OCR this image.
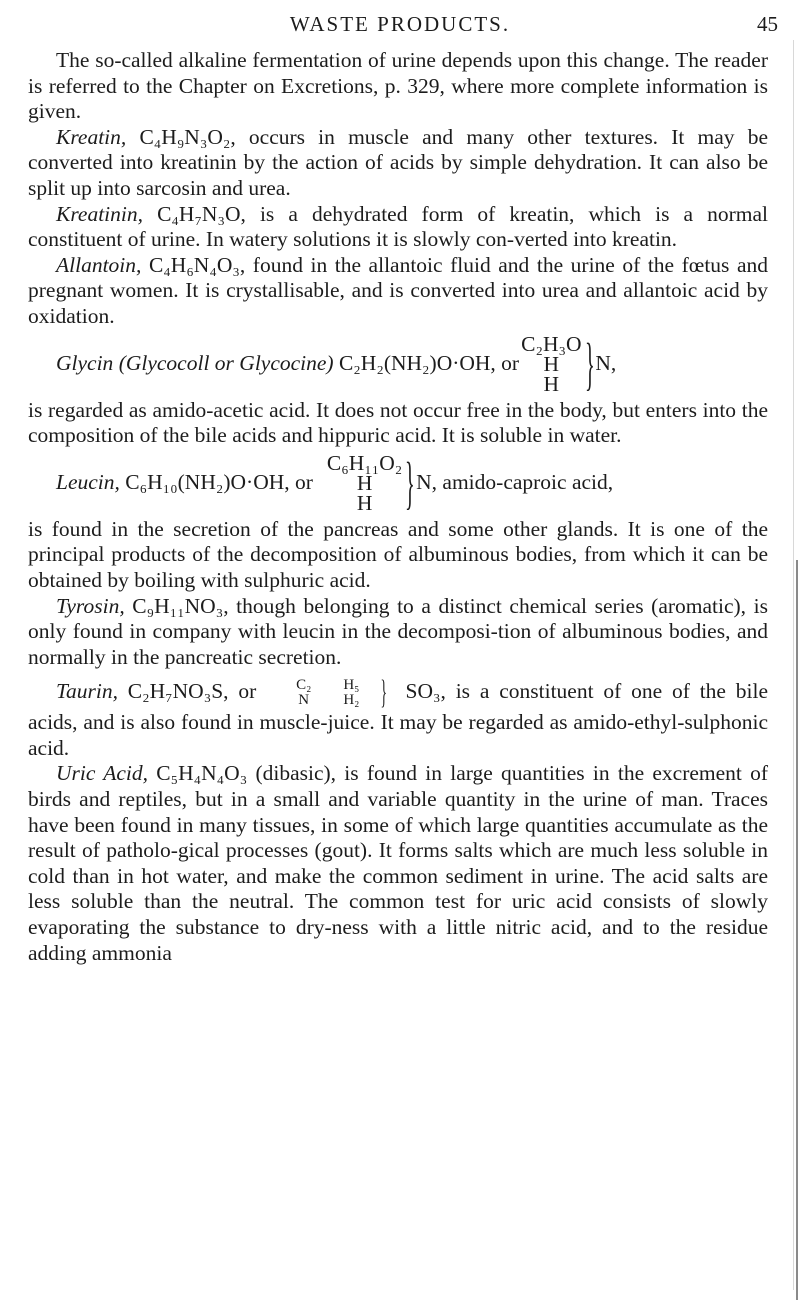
WASTE PRODUCTS.	45

The so-called alkaline fermentation of urine depends upon this change. The reader is referred to the Chapter on Excretions, p. 329, where more complete information is given.

Kreatin, C₄H₉N₃O₂, occurs in muscle and many other textures. It may be converted into kreatinin by the action of acids by simple dehydration. It can also be split up into sarcosin and urea.

Kreatinin, C₄H₇N₃O, is a dehydrated form of kreatin, which is a normal constituent of urine. In watery solutions it is slowly con-verted into kreatin.

Allantoin, C₄H₆N₄O₃, found in the allantoic fluid and the urine of the fœtus and pregnant women. It is crystallisable, and is converted into urea and allantoic acid by oxidation.

Glycin
(Glycocoll or Glycocine)
C₂H₂(NH₂)O·OH, or
C₂H₃O
H
H } N,

is regarded as amido-acetic acid. It does not occur free in the body, but enters into the composition of the bile acids and hippuric acid. It is soluble in water.

Leucin,
C₆H₁₀(NH₂)O·OH, or
C₆H₁₁O₂
H
H } N, amido-caproic acid,

is found in the secretion of the pancreas and some other glands. It is one of the principal products of the decomposition of albuminous bodies, from which it can be obtained by boiling with sulphuric acid.

Tyrosin, C₉H₁₁NO₃, though belonging to a distinct chemical series (aromatic), is only found in company with leucin in the decomposi-tion of albuminous bodies, and normally in the pancreatic secretion.

Taurin, C₂H₇NO₃S, or	C₂
N
H₅
H₂ } SO₃, is a constituent of one of the bile acids, and is also found in muscle-juice. It may be regarded as amido-ethyl-sulphonic acid.

Uric Acid, C₅H₄N₄O₃ (dibasic), is found in large quantities in the excrement of birds and reptiles, but in a small and variable quantity in the urine of man. Traces have been found in many tissues, in some of which large quantities accumulate as the result of patholo-gical processes (gout). It forms salts which are much less soluble in cold than in hot water, and make the common sediment in urine. The acid salts are less soluble than the neutral. The common test for uric acid consists of slowly evaporating the substance to dry-ness with a little nitric acid, and to the residue adding ammonia
